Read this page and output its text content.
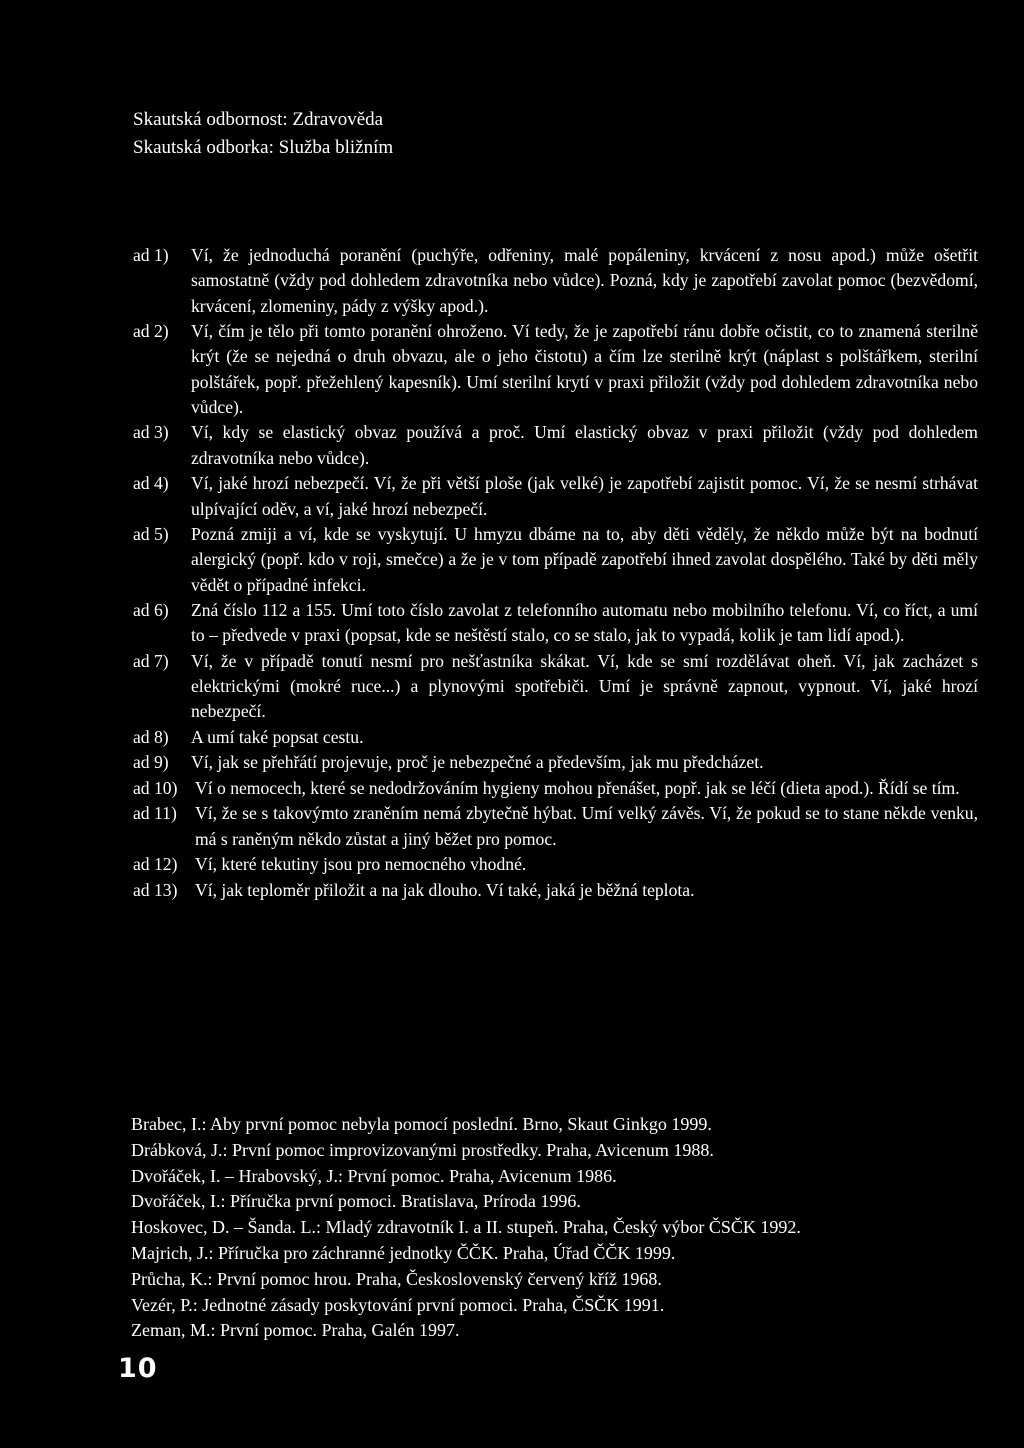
Skautská odbornost: Zdravověda
Skautská odborka: Služba bližním
ad 1) Ví, že jednoduchá poranění (puchýře, odřeniny, malé popáleniny, krvácení z nosu apod.) může ošetřit samostatně (vždy pod dohledem zdravotníka nebo vůdce). Pozná, kdy je zapotřebí zavolat pomoc (bezvědomí, krvácení, zlomeniny, pády z výšky apod.).
ad 2) Ví, čím je tělo při tomto poranění ohroženo. Ví tedy, že je zapotřebí ránu dobře očistit, co to znamená sterilně krýt (že se nejedná o druh obvazu, ale o jeho čistotu) a čím lze sterilně krýt (náplast s polštářkem, sterilní polštářek, popř. přežehlený kapesník). Umí sterilní krytí v praxi přiložit (vždy pod dohledem zdravotníka nebo vůdce).
ad 3) Ví, kdy se elastický obvaz používá a proč. Umí elastický obvaz v praxi přiložit (vždy pod dohledem zdravotníka nebo vůdce).
ad 4) Ví, jaké hrozí nebezpečí. Ví, že při větší ploše (jak velké) je zapotřebí zajistit pomoc. Ví, že se nesmí strhávat ulpívající oděv, a ví, jaké hrozí nebezpečí.
ad 5) Pozná zmiji a ví, kde se vyskytují. U hmyzu dbáme na to, aby děti věděly, že někdo může být na bodnutí alergický (popř. kdo v roji, smečce) a že je v tom případě zapotřebí ihned zavolat dospělého. Také by děti měly vědět o případné infekci.
ad 6) Zná číslo 112 a 155. Umí toto číslo zavolat z telefonního automatu nebo mobilního telefonu. Ví, co říct, a umí to – předvede v praxi (popsat, kde se neštěstí stalo, co se stalo, jak to vypadá, kolik je tam lidí apod.).
ad 7) Ví, že v případě tonutí nesmí pro nešťastníka skákat. Ví, kde se smí rozdělávat oheň. Ví, jak zacházet s elektrickými (mokré ruce...) a plynovými spotřebiči. Umí je správně zapnout, vypnout. Ví, jaké hrozí nebezpečí.
ad 8) A umí také popsat cestu.
ad 9) Ví, jak se přehřátí projevuje, proč je nebezpečné a především, jak mu předcházet.
ad 10) Ví o nemocech, které se nedodržováním hygieny mohou přenášet, popř. jak se léčí (dieta apod.). Řídí se tím.
ad 11) Ví, že se s takovýmto zraněním nemá zbytečně hýbat. Umí velký závěs. Ví, že pokud se to stane někde venku, má s raněným někdo zůstat a jiný běžet pro pomoc.
ad 12) Ví, které tekutiny jsou pro nemocného vhodné.
ad 13) Ví, jak teploměr přiložit a na jak dlouho. Ví také, jaká je běžná teplota.
Brabec, I.: Aby první pomoc nebyla pomocí poslední. Brno, Skaut Ginkgo 1999.
Drábková, J.: První pomoc improvizovanými prostředky. Praha, Avicenum 1988.
Dvořáček, I. – Hrabovský, J.: První pomoc. Praha, Avicenum 1986.
Dvořáček, I.: Příručka první pomoci. Bratislava, Príroda 1996.
Hoskovec, D. – Šanda. L.: Mladý zdravotník I. a II. stupeň. Praha, Český výbor ČSČK 1992.
Majrich, J.: Příručka pro záchranné jednotky ČČK. Praha, Úřad ČČK 1999.
Průcha, K.: První pomoc hrou. Praha, Československý červený kříž 1968.
Vezér, P.: Jednotné zásady poskytování první pomoci. Praha, ČSČK 1991.
Zeman, M.: První pomoc. Praha, Galén 1997.
10
